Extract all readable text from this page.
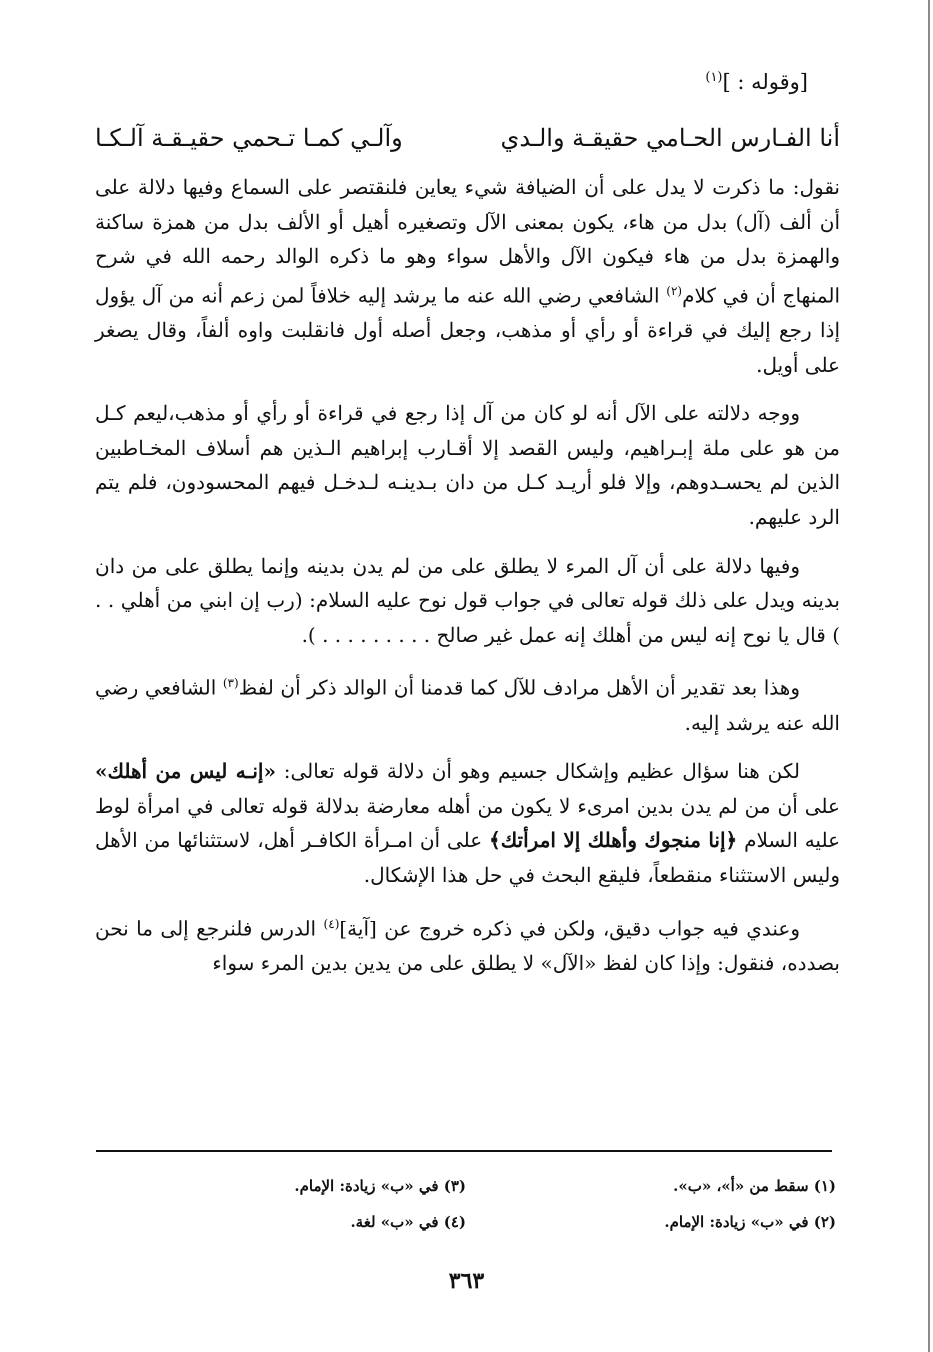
[وقوله : ]$^{(١)}$
أنا الفـارس الحـامي حقيقـة والـدي
وآلـي كمـا تـحمي حقيـقـة آلـكـا

نقول: ما ذكرت لا يدل على أن الضيافة شيء يعاين فلنقتصر على السماع وفيها دلالة على أن ألف (آل) بدل من هاء، يكون بمعنى الآل وتصغيره أهيل أو الألف بدل من همزة ساكنة والهمزة بدل من هاء فيكون الآل والأهل سواء وهو ما ذكره الوالد رحمه الله في شرح المنهاج أن في كلام$^{(٢)}$ الشافعي رضي الله عنه ما يرشد إليه خلافاً لمن زعم أنه من آل يؤول إذا رجع إليك في قراءة أو رأي أو مذهب، وجعل أصله أول فانقلبت واوه ألفاً، وقال يصغر على أويل.

ووجه دلالته على الآل أنه لو كان من آل إذا رجع في قراءة أو رأي أو مذهب،ليعم كـل من هو على ملة إبـراهيم، وليس القصد إلا أقـارب إبراهيم الـذين هم أسلاف المخـاطبين الذين لم يحسـدوهم، وإلا فلو أريـد كـل من دان بـدينـه لـدخـل فيهم المحسودون، فلم يتم الرد عليهم.

وفيها دلالة على أن آل المرء لا يطلق على من لم يدن بدينه وإنما يطلق على من دان بدينه ويدل على ذلك قوله تعالى في جواب قول نوح عليه السلام: (رب إن ابني من أهلي . . ) قال يا نوح إنه ليس من أهلك إنه عمل غير صالح . . . . . . . . . ).

وهذا بعد تقدير أن الأهل مرادف للآل كما قدمنا أن الوالد ذكر أن لفظ$^{(٣)}$ الشافعي رضي الله عنه يرشد إليه.

لكن هنا سؤال عظيم وإشكال جسيم وهو أن دلالة قوله تعالى: «إنـه ليس من أهلك» على أن من لم يدن بدين امرىء لا يكون من أهله معارضة بدلالة قوله تعالى في امرأة لوط عليه السلام ﴿إنا منجوك وأهلك إلا امرأتك﴾ على أن امـرأة الكافـر أهل، لاستثنائها من الأهل وليس الاستثناء منقطعاً، فليقع البحث في حل هذا الإشكال.

وعندي فيه جواب دقيق، ولكن في ذكره خروج عن [آية]$^{(٤)}$ الدرس فلنرجع إلى ما نحن بصدده، فنقول: وإذا كان لفظ «الآل» لا يطلق على من يدين بدين المرء سواء

(١) سقط من «أ»، «ب».
(٣) في «ب» زيادة: الإمام.
(٢) في «ب» زيادة: الإمام.
(٤) في «ب» لغة.
٣٦٣
